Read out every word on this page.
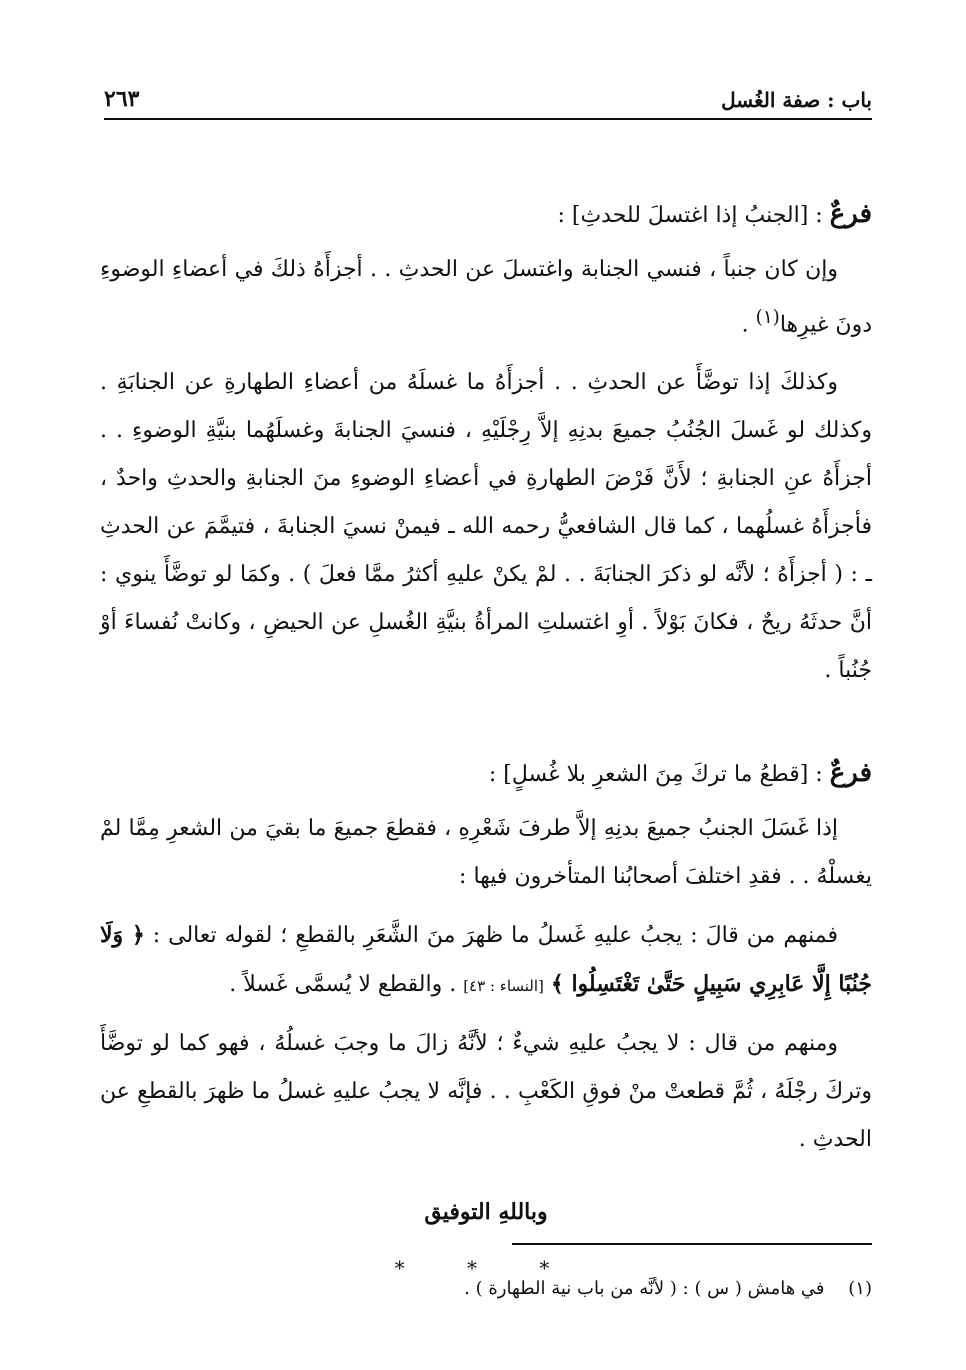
باب : صفة الغُسل
٢٦٣

فرعٌ : [الجنبُ إذا اغتسلَ للحدثِ] :

وإن كان جنباً ، فنسي الجنابة واغتسلَ عن الحدثِ . . أجزأَهُ ذلكَ في أعضاءِ الوضوءِ دونَ غيرِها$^{(١)}$ .

وكذلكَ إذا توضَّأَ عن الحدثِ . . أجزأَهُ ما غسلَهُ من أعضاءِ الطهارةِ عن الجنابَةِ . وكذلك لو غَسلَ الجُنُبُ جميعَ بدنِهِ إلاَّ رِجْلَيْهِ ، فنسيَ الجنابةَ وغسلَهُما بنيَّةِ الوضوءِ . . أجزأَهُ عنِ الجنابةِ ؛ لأَنَّ فَرْضَ الطهارةِ في أعضاءِ الوضوءِ منَ الجنابةِ والحدثِ واحدٌ ، فأجزأَهُ غسلُهما ، كما قال الشافعيُّ رحمه الله ـ فيمنْ نسيَ الجنابةَ ، فتيمَّمَ عن الحدثِ ـ : ( أجزأَهُ ؛ لأنَّه لو ذكرَ الجنابَةَ . . لمْ يكنْ عليهِ أكثرُ ممَّا فعلَ ) . وكمَا لو توضَّأَ ينوي : أنَّ حدثَهُ ريحٌ ، فكانَ بَوْلاً . أوِ اغتسلتِ المرأةُ بنيَّةِ الغُسلِ عن الحيضِ ، وكانتْ نُفساءَ أوْ جُنُباً .

فرعٌ : [قطعُ ما تركَ مِنَ الشعرِ بلا غُسلٍ] :

إذا غَسَلَ الجنبُ جميعَ بدنِهِ إلاَّ طرفَ شَعْرِهِ ، فقطعَ جميعَ ما بقيَ من الشعرِ مِمَّا لمْ يغسلْهُ . . فقدِ اختلفَ أصحابُنا المتأخرون فيها :

فمنهم من قالَ : يجبُ عليهِ غَسلُ ما ظهرَ منَ الشَّعَرِ بالقطعِ ؛ لقوله تعالى : ﴿ وَلَا جُنُبًا إِلَّا عَابِرِي سَبِيلٍ حَتَّىٰ تَغْتَسِلُوا ﴾ [النساء : ٤٣] . والقطع لا يُسمَّى غَسلاً .

ومنهم من قال : لا يجبُ عليهِ شيءٌ ؛ لأنَّهُ زالَ ما وجبَ غسلُهُ ، فهو كما لو توضَّأَ وتركَ رجْلَهُ ، ثُمَّ قطعتْ منْ فوقِ الكَعْبِ . . فإنَّه لا يجبُ عليهِ غسلُ ما ظهرَ بالقطعِ عن الحدثِ .

وباللهِ التوفيق

* * *

(١) في هامش ( س ) : ( لأنَّه من باب نية الطهارة ) .
